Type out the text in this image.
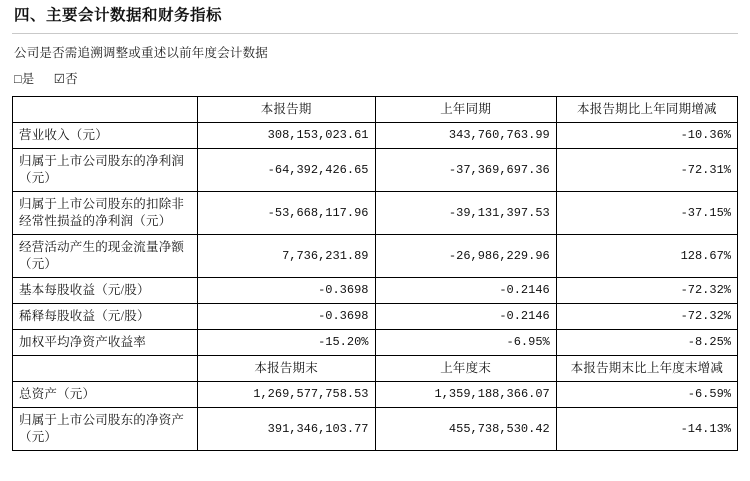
四、主要会计数据和财务指标
公司是否需追溯调整或重述以前年度会计数据
□是 ☑否
	本报告期	上年同期	本报告期比上年同期增减
营业收入（元）	308,153,023.61	343,760,763.99	-10.36%
归属于上市公司股东的净利润（元）	-64,392,426.65	-37,369,697.36	-72.31%
归属于上市公司股东的扣除非经常性损益的净利润（元）	-53,668,117.96	-39,131,397.53	-37.15%
经营活动产生的现金流量净额（元）	7,736,231.89	-26,986,229.96	128.67%
基本每股收益（元/股）	-0.3698	-0.2146	-72.32%
稀释每股收益（元/股）	-0.3698	-0.2146	-72.32%
加权平均净资产收益率	-15.20%	-6.95%	-8.25%
	本报告期末	上年度末	本报告期末比上年度末增减
总资产（元）	1,269,577,758.53	1,359,188,366.07	-6.59%
归属于上市公司股东的净资产（元）	391,346,103.77	455,738,530.42	-14.13%
